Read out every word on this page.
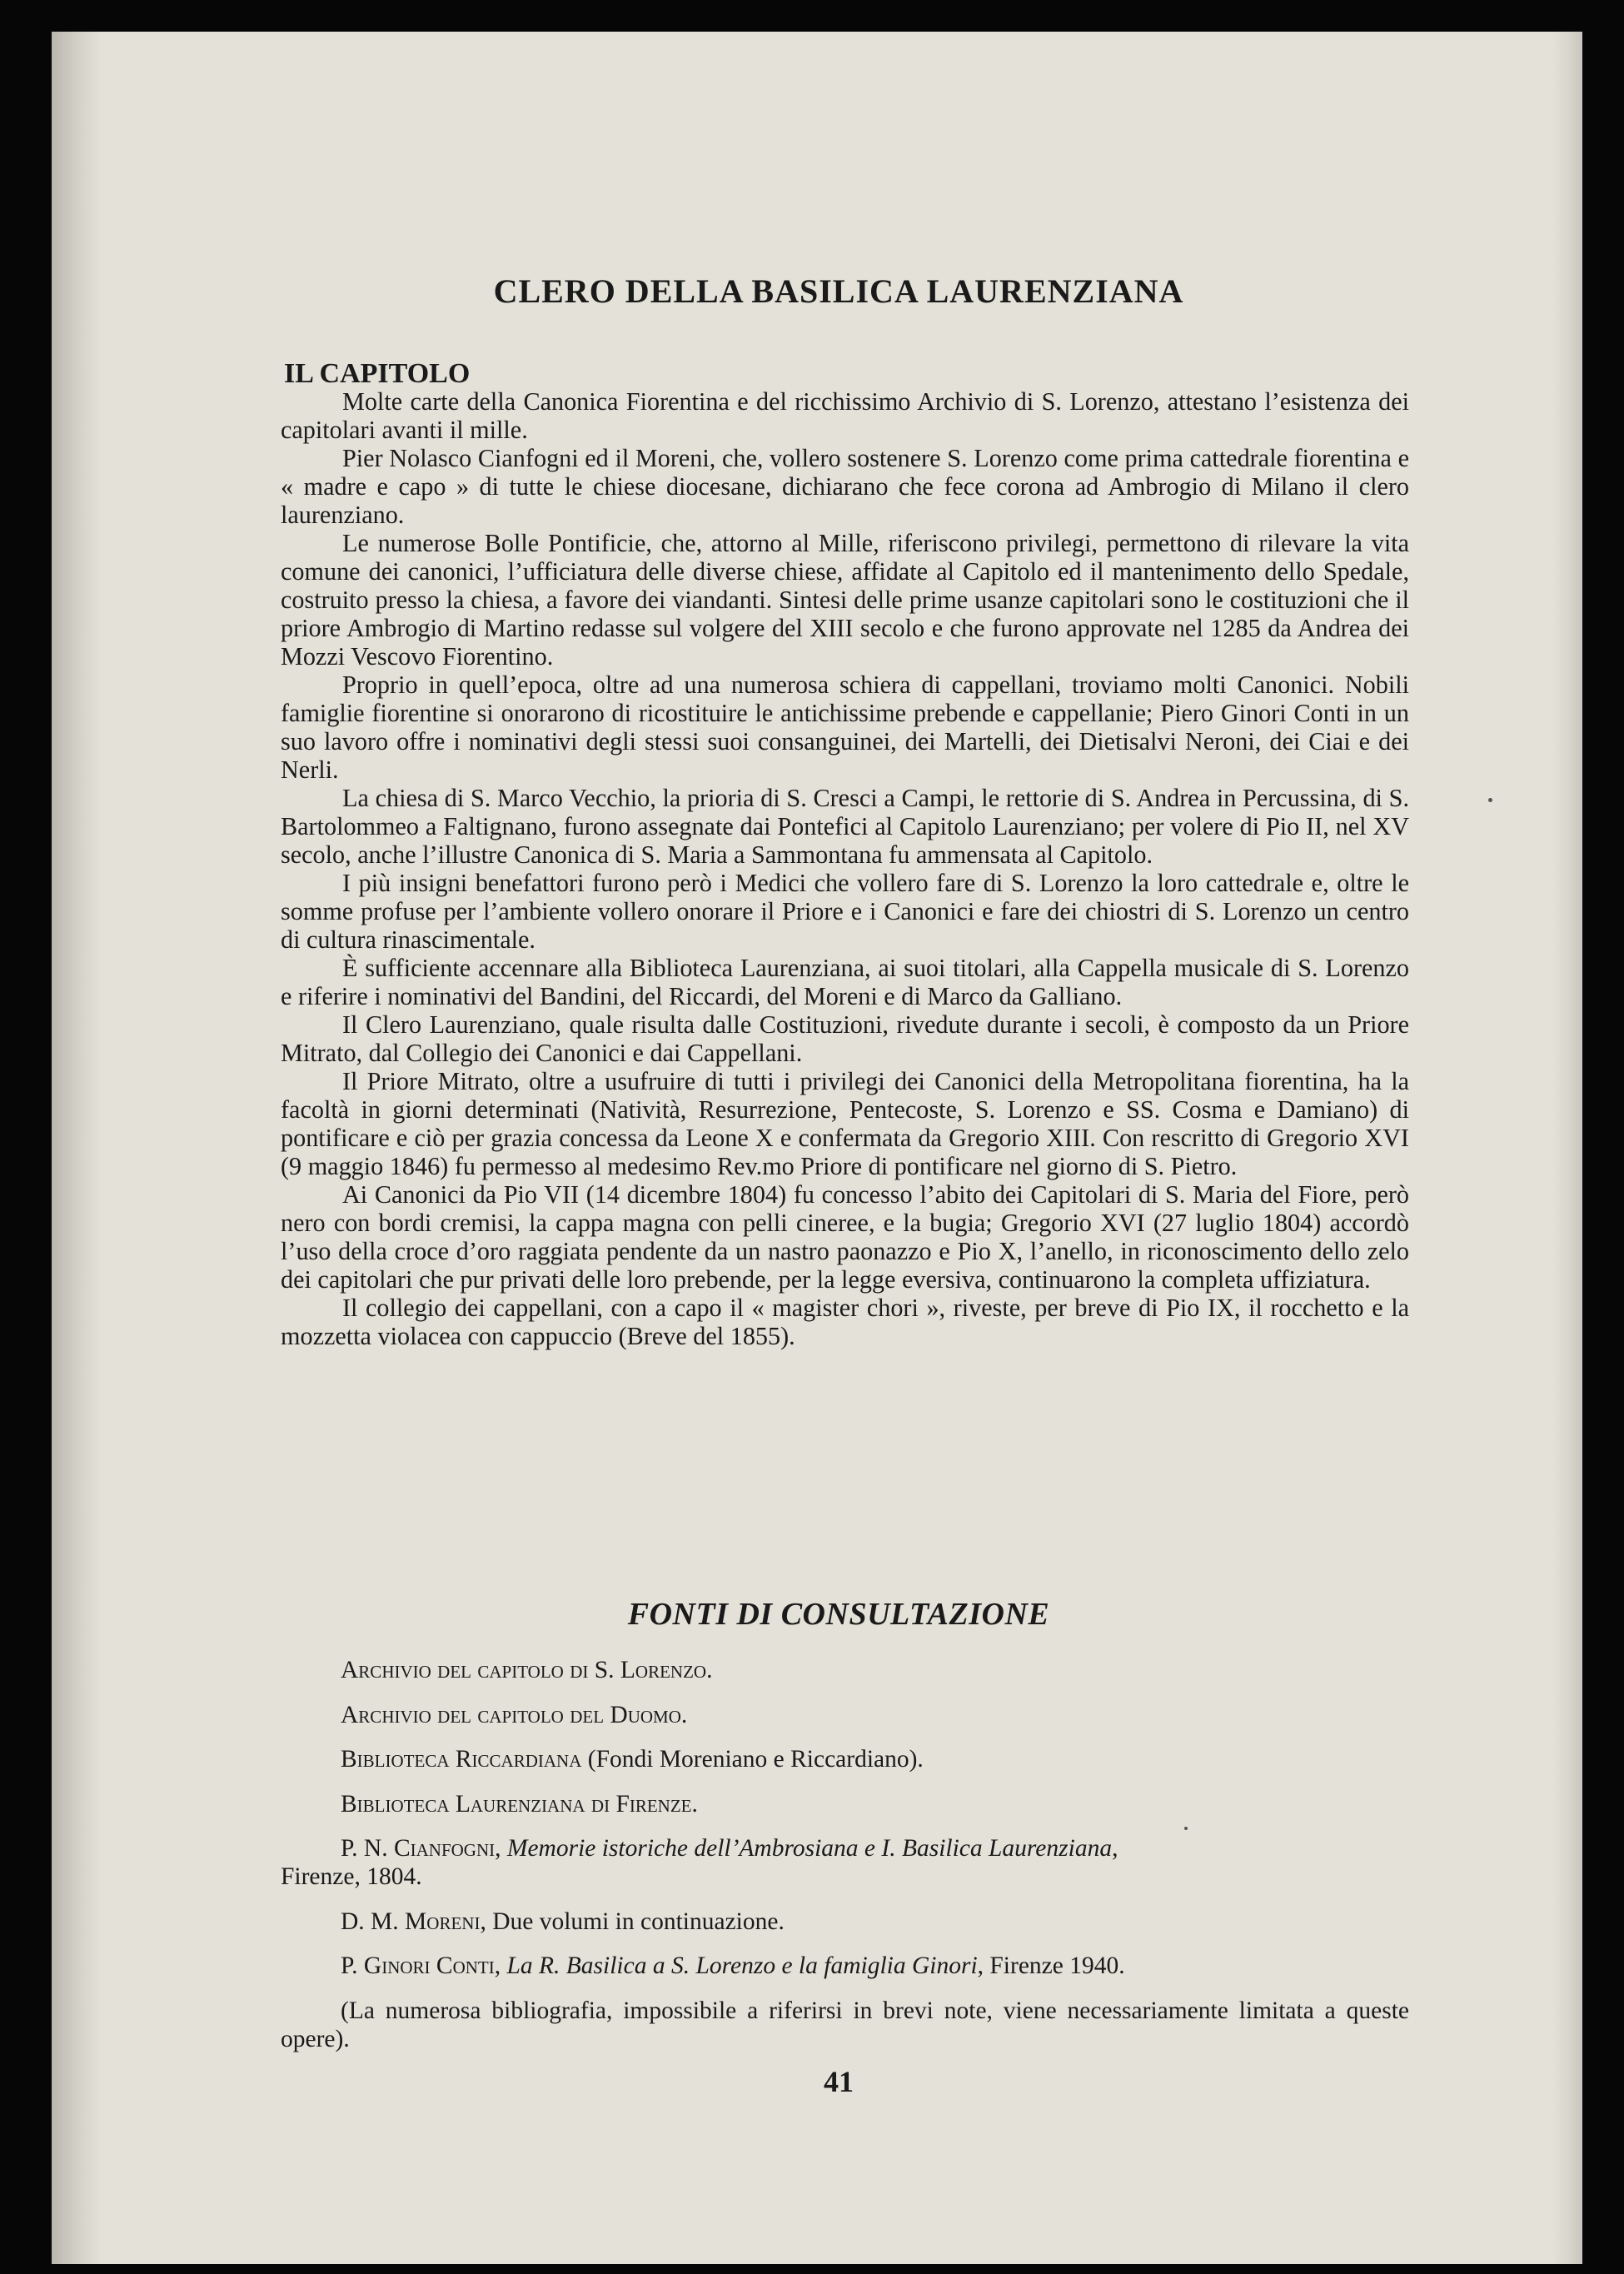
CLERO DELLA BASILICA LAURENZIANA
IL CAPITOLO

Molte carte della Canonica Fiorentina e del ricchissimo Archivio di S. Lorenzo, attestano l’esistenza dei capitolari avanti il mille.

Pier Nolasco Cianfogni ed il Moreni, che, vollero sostenere S. Lorenzo come prima cattedrale fiorentina e « madre e capo » di tutte le chiese diocesane, dichiarano che fece corona ad Ambrogio di Milano il clero laurenziano.

Le numerose Bolle Pontificie, che, attorno al Mille, riferiscono privilegi, permettono di rilevare la vita comune dei canonici, l’ufficiatura delle diverse chiese, affidate al Capitolo ed il mantenimento dello Spedale, costruito presso la chiesa, a favore dei viandanti. Sintesi delle prime usanze capitolari sono le costituzioni che il priore Ambrogio di Martino redasse sul volgere del XIII secolo e che furono approvate nel 1285 da Andrea dei Mozzi Vescovo Fiorentino.

Proprio in quell’epoca, oltre ad una numerosa schiera di cappellani, troviamo molti Canonici. Nobili famiglie fiorentine si onorarono di ricostituire le antichissime prebende e cappellanie; Piero Ginori Conti in un suo lavoro offre i nominativi degli stessi suoi consanguinei, dei Martelli, dei Dietisalvi Neroni, dei Ciai e dei Nerli.

La chiesa di S. Marco Vecchio, la prioria di S. Cresci a Campi, le rettorie di S. Andrea in Percussina, di S. Bartolommeo a Faltignano, furono assegnate dai Pontefici al Capitolo Laurenziano; per volere di Pio II, nel XV secolo, anche l’illustre Canonica di S. Maria a Sammontana fu ammensata al Capitolo.

I più insigni benefattori furono però i Medici che vollero fare di S. Lorenzo la loro cattedrale e, oltre le somme profuse per l’ambiente vollero onorare il Priore e i Canonici e fare dei chiostri di S. Lorenzo un centro di cultura rinascimentale.

È sufficiente accennare alla Biblioteca Laurenziana, ai suoi titolari, alla Cappella musicale di S. Lorenzo e riferire i nominativi del Bandini, del Riccardi, del Moreni e di Marco da Galliano.

Il Clero Laurenziano, quale risulta dalle Costituzioni, rivedute durante i secoli, è composto da un Priore Mitrato, dal Collegio dei Canonici e dai Cappellani.

Il Priore Mitrato, oltre a usufruire di tutti i privilegi dei Canonici della Metropolitana fiorentina, ha la facoltà in giorni determinati (Natività, Resurrezione, Pentecoste, S. Lorenzo e SS. Cosma e Damiano) di pontificare e ciò per grazia concessa da Leone X e confermata da Gregorio XIII. Con rescritto di Gregorio XVI (9 maggio 1846) fu permesso al medesimo Rev.mo Priore di pontificare nel giorno di S. Pietro.

Ai Canonici da Pio VII (14 dicembre 1804) fu concesso l’abito dei Capitolari di S. Maria del Fiore, però nero con bordi cremisi, la cappa magna con pelli cineree, e la bugia; Gregorio XVI (27 luglio 1804) accordò l’uso della croce d’oro raggiata pendente da un nastro paonazzo e Pio X, l’anello, in riconoscimento dello zelo dei capitolari che pur privati delle loro prebende, per la legge eversiva, continuarono la completa uffiziatura.

Il collegio dei cappellani, con a capo il « magister chori », riveste, per breve di Pio IX, il rocchetto e la mozzetta violacea con cappuccio (Breve del 1855).

FONTI DI CONSULTAZIONE

Archivio del capitolo di S. Lorenzo.

Archivio del capitolo del Duomo.

Biblioteca Riccardiana (Fondi Moreniano e Riccardiano).

Biblioteca Laurenziana di Firenze.

P. N. Cianfogni, Memorie istoriche dell’Ambrosiana e I. Basilica Laurenziana,
Firenze, 1804.

D. M. Moreni, Due volumi in continuazione.

P. Ginori Conti, La R. Basilica a S. Lorenzo e la famiglia Ginori, Firenze 1940.

(La numerosa bibliografia, impossibile a riferirsi in brevi note, viene necessariamente limitata a queste opere).

41
